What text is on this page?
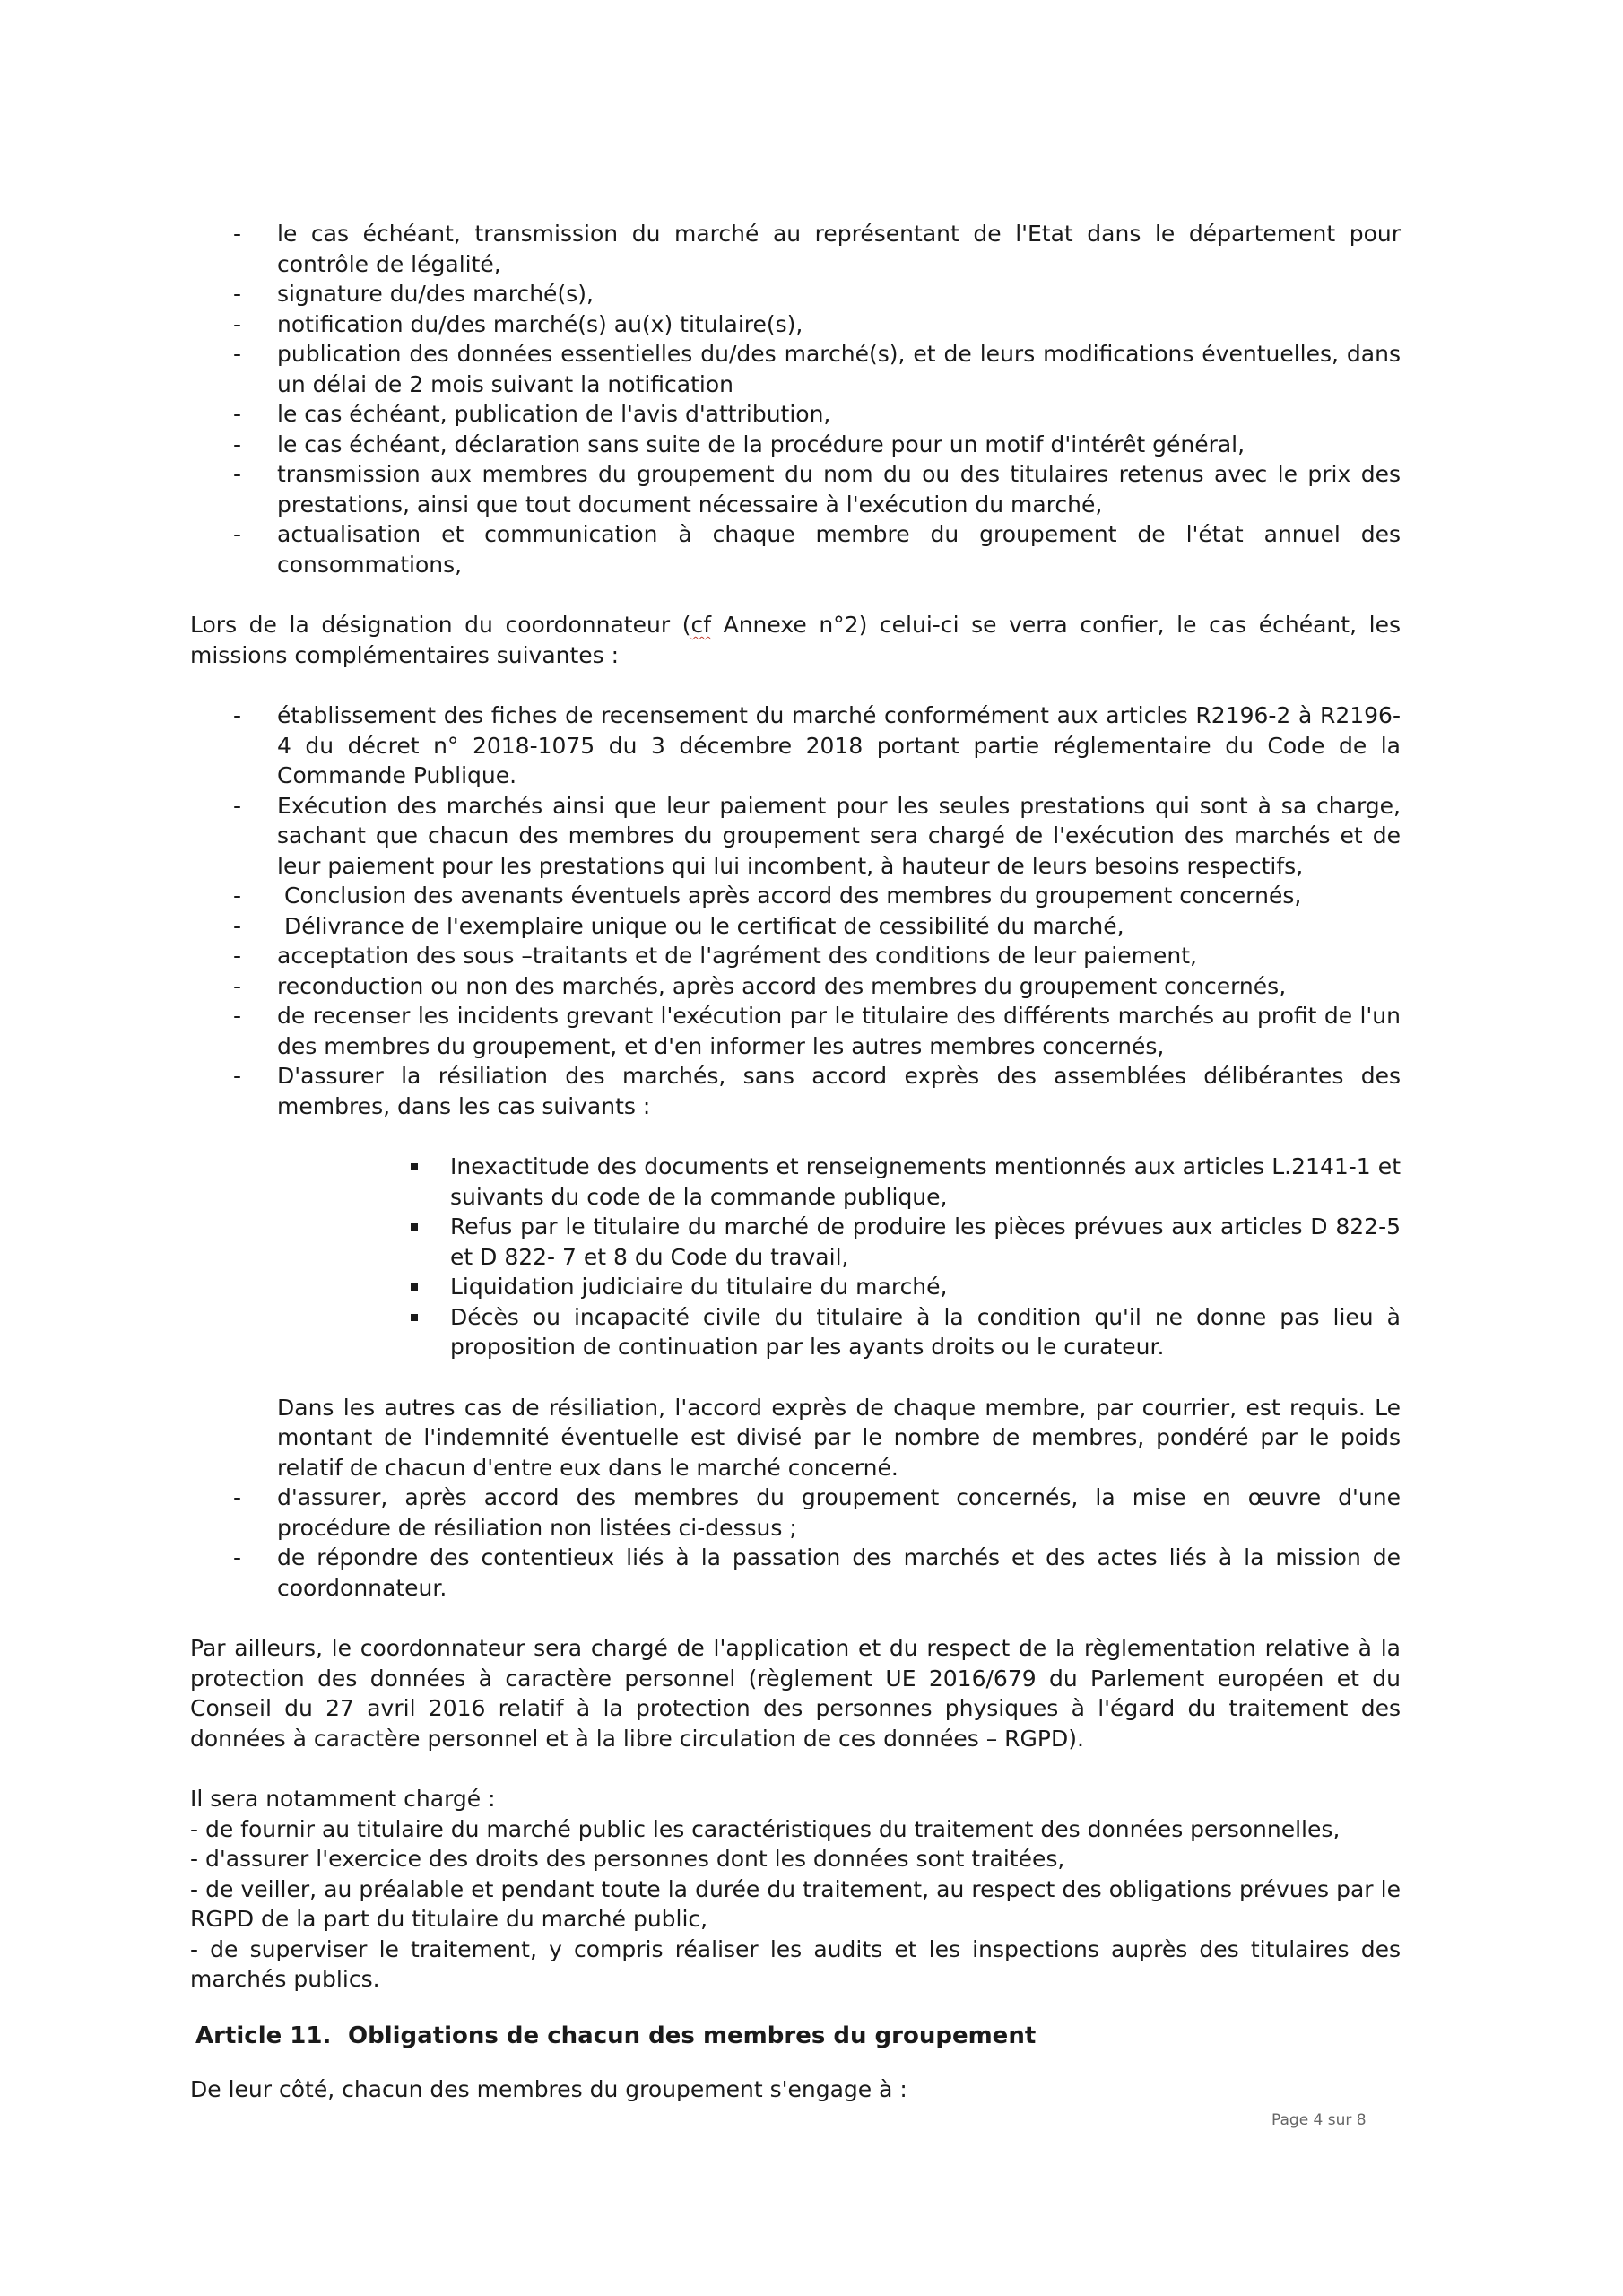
- le cas échéant, transmission du marché au représentant de l'Etat dans le département pour contrôle de légalité,
- signature du/des marché(s),
- notification du/des marché(s) au(x) titulaire(s),
- publication des données essentielles du/des marché(s), et de leurs modifications éventuelles, dans un délai de 2 mois suivant la notification
- le cas échéant, publication de l'avis d'attribution,
- le cas échéant, déclaration sans suite de la procédure pour un motif d'intérêt général,
- transmission aux membres du groupement du nom du ou des titulaires retenus avec le prix des prestations, ainsi que tout document nécessaire à l'exécution du marché,
- actualisation et communication à chaque membre du groupement de l'état annuel des consommations,

Lors de la désignation du coordonnateur (cf Annexe n°2) celui-ci se verra confier, le cas échéant, les missions complémentaires suivantes :

- établissement des fiches de recensement du marché conformément aux articles R2196-2 à R2196-4 du décret n° 2018-1075 du 3 décembre 2018 portant partie réglementaire du Code de la Commande Publique.
- Exécution des marchés ainsi que leur paiement pour les seules prestations qui sont à sa charge, sachant que chacun des membres du groupement sera chargé de l'exécution des marchés et de leur paiement pour les prestations qui lui incombent, à hauteur de leurs besoins respectifs,
-  Conclusion des avenants éventuels après accord des membres du groupement concernés,
-  Délivrance de l'exemplaire unique ou le certificat de cessibilité du marché,
- acceptation des sous –traitants et de l'agrément des conditions de leur paiement,
- reconduction ou non des marchés, après accord des membres du groupement concernés,
- de recenser les incidents grevant l'exécution par le titulaire des différents marchés au profit de l'un des membres du groupement, et d'en informer les autres membres concernés,
- D'assurer la résiliation des marchés, sans accord exprès des assemblées délibérantes des membres, dans les cas suivants :
Inexactitude des documents et renseignements mentionnés aux articles L.2141-1 et suivants du code de la commande publique,
Refus par le titulaire du marché de produire les pièces prévues aux articles D 822-5 et D 822- 7 et 8 du Code du travail,
Liquidation judiciaire du titulaire du marché,
Décès ou incapacité civile du titulaire à la condition qu'il ne donne pas lieu à proposition de continuation par les ayants droits ou le curateur.

Dans les autres cas de résiliation, l'accord exprès de chaque membre, par courrier, est requis. Le montant de l'indemnité éventuelle est divisé par le nombre de membres, pondéré par le poids relatif de chacun d'entre eux dans le marché concerné.

- d'assurer, après accord des membres du groupement concernés, la mise en œuvre d'une procédure de résiliation non listées ci-dessus ;
- de répondre des contentieux liés à la passation des marchés et des actes liés à la mission de coordonnateur.

Par ailleurs, le coordonnateur sera chargé de l'application et du respect de la règlementation relative à la protection des données à caractère personnel (règlement UE 2016/679 du Parlement européen et du Conseil du 27 avril 2016 relatif à la protection des personnes physiques à l'égard du traitement des données à caractère personnel et à la libre circulation de ces données – RGPD).

Il sera notamment chargé :

- de fournir au titulaire du marché public les caractéristiques du traitement des données personnelles,

- d'assurer l'exercice des droits des personnes dont les données sont traitées,

- de veiller, au préalable et pendant toute la durée du traitement, au respect des obligations prévues par le RGPD de la part du titulaire du marché public,

- de superviser le traitement, y compris réaliser les audits et les inspections auprès des titulaires des marchés publics.

Article 11. Obligations de chacun des membres du groupement

De leur côté, chacun des membres du groupement s'engage à :

Page 4 sur 8
